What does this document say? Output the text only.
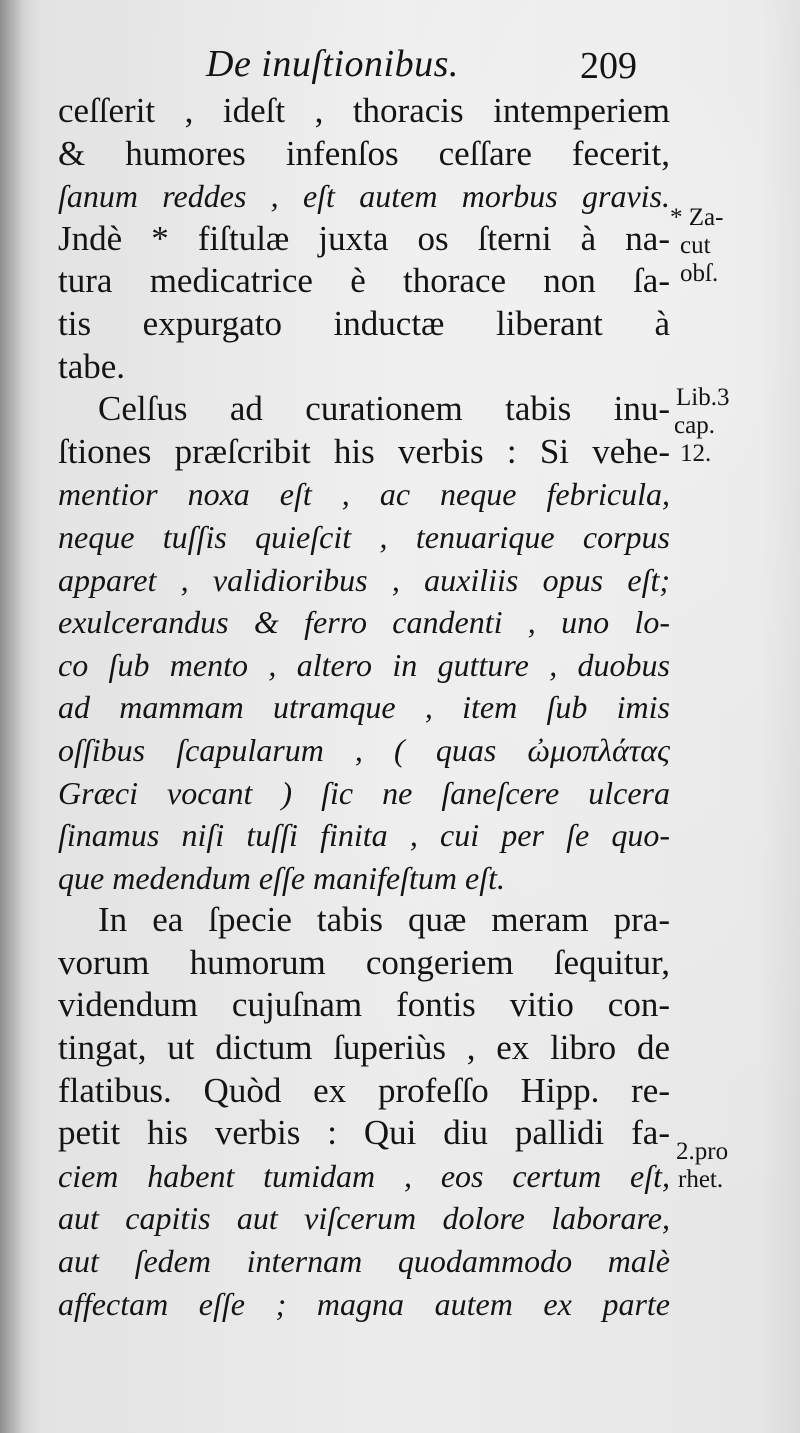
De inuſtionibus.	209
ceſſerit , ideſt , thoracis intemperiem
& humores infenſos ceſſare fecerit,
ſanum reddes , eſt autem morbus gravis.
Jndè * fiſtulæ juxta os ſterni à na-
tura medicatrice è thorace non ſa-
tis expurgato inductæ liberant à
tabe.
Celſus ad curationem tabis inu-
ſtiones præſcribit his verbis : Si vehe-
mentior noxa eſt , ac neque febricula,
neque tuſſis quieſcit , tenuarique corpus
apparet , validioribus , auxiliis opus eſt;
exulcerandus & ferro candenti , uno lo-
co ſub mento , altero in gutture , duobus
ad mammam utramque , item ſub imis
oſſibus ſcapularum , ( quas ὠμοπλάτας
Græci vocant ) ſic ne ſaneſcere ulcera
ſinamus niſi tuſſi finita , cui per ſe quo-
que medendum eſſe manifeſtum eſt.
In ea ſpecie tabis quæ meram pra-
vorum humorum congeriem ſequitur,
videndum cujuſnam fontis vitio con-
tingat, ut dictum ſuperiùs , ex libro de
flatibus. Quòd ex profeſſo Hipp. re-
petit his verbis : Qui diu pallidi fa-
ciem habent tumidam , eos certum eſt,
aut capitis aut viſcerum dolore laborare,
aut ſedem internam quodammodo malè
affectam eſſe ; magna autem ex parte
* Za-
cut
obſ.
Lib.3
cap.
12.
2.pro
rhet.
